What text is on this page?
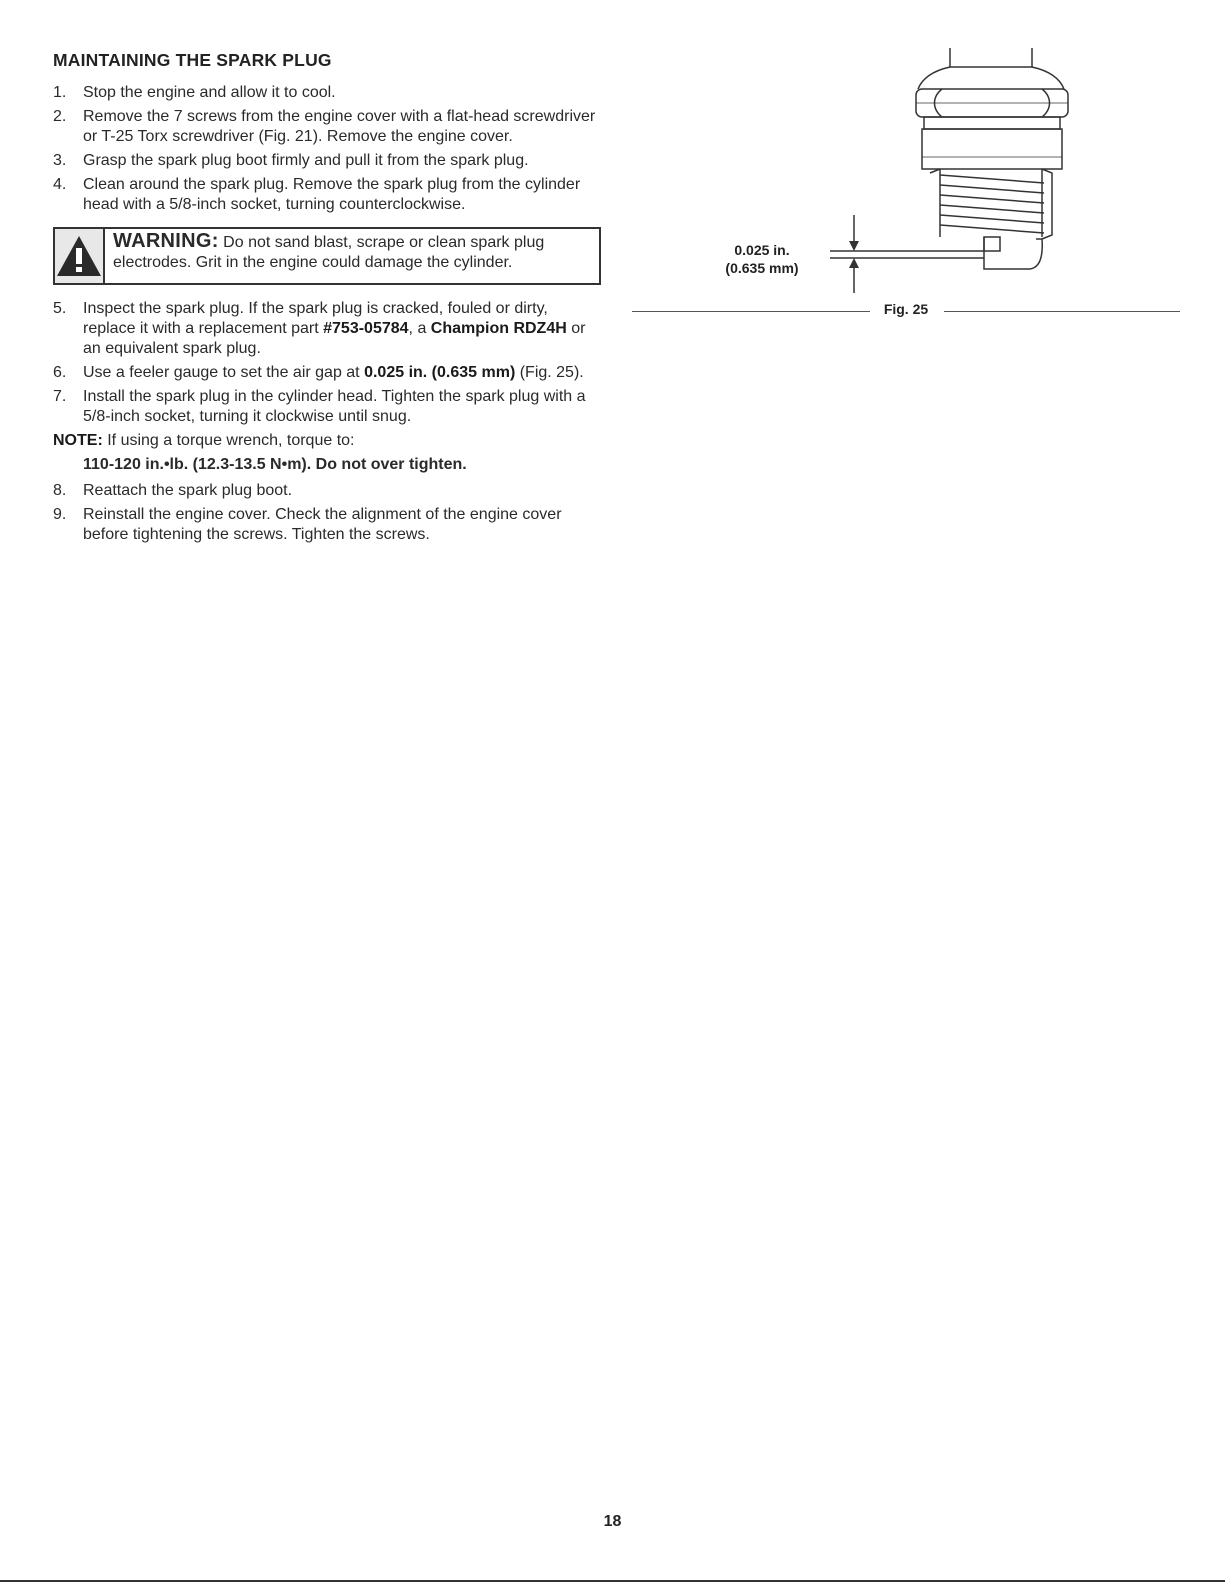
MAINTAINING THE SPARK PLUG
1.	Stop the engine and allow it to cool.
2.	Remove the 7 screws from the engine cover with a flat-head screwdriver or T-25 Torx screwdriver (Fig. 21). Remove the engine cover.
3.	Grasp the spark plug boot firmly and pull it from the spark plug.
4.	Clean around the spark plug. Remove the spark plug from the cylinder head with a 5/8-inch socket, turning counterclockwise.
WARNING: Do not sand blast, scrape or clean spark plug electrodes. Grit in the engine could damage the cylinder.
5.	Inspect the spark plug. If the spark plug is cracked, fouled or dirty, replace it with a replacement part #753-05784, a Champion RDZ4H or an equivalent spark plug.
6.	Use a feeler gauge to set the air gap at 0.025 in. (0.635 mm) (Fig. 25).
7.	Install the spark plug in the cylinder head. Tighten the spark plug with a 5/8-inch socket, turning it clockwise until snug.

NOTE: If using a torque wrench, torque to:

110-120 in.•lb. (12.3-13.5 N•m). Do not over tighten.

8.	Reattach the spark plug boot.
9.	Reinstall the engine cover. Check the alignment of the engine cover before tightening the screws. Tighten the screws.
0.025 in.
(0.635 mm)
Fig. 25
18
